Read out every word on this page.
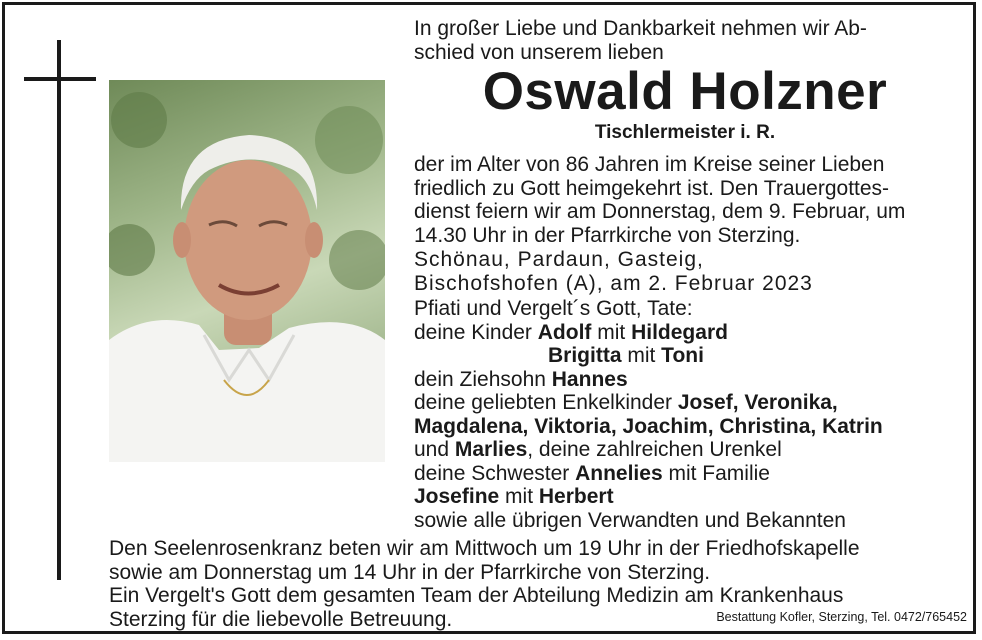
In großer Liebe und Dankbarkeit nehmen wir Ab-
schied von unserem lieben
Oswald Holzner
Tischlermeister i. R.
der im Alter von 86 Jahren im Kreise seiner Lieben
friedlich zu Gott heimgekehrt ist. Den Trauergottes-
dienst feiern wir am Donnerstag, dem 9. Februar, um
14.30 Uhr in der Pfarrkirche von Sterzing.
Schönau, Pardaun, Gasteig,
Bischofshofen (A), am 2. Februar 2023
Pfiati und Vergelt´s Gott, Tate:
deine Kinder Adolf mit Hildegard
Brigitta mit Toni
dein Ziehsohn Hannes
deine geliebten Enkelkinder Josef, Veronika,
Magdalena, Viktoria, Joachim, Christina, Katrin
und Marlies, deine zahlreichen Urenkel
deine Schwester Annelies mit Familie
Josefine mit Herbert
sowie alle übrigen Verwandten und Bekannten
Den Seelenrosenkranz beten wir am Mittwoch um 19 Uhr in der Friedhofskapelle
sowie am Donnerstag um 14 Uhr in der Pfarrkirche von Sterzing.
Ein Vergelt's Gott dem gesamten Team der Abteilung Medizin am Krankenhaus
Sterzing für die liebevolle Betreuung.	Bestattung Kofler, Sterzing, Tel. 0472/765452
